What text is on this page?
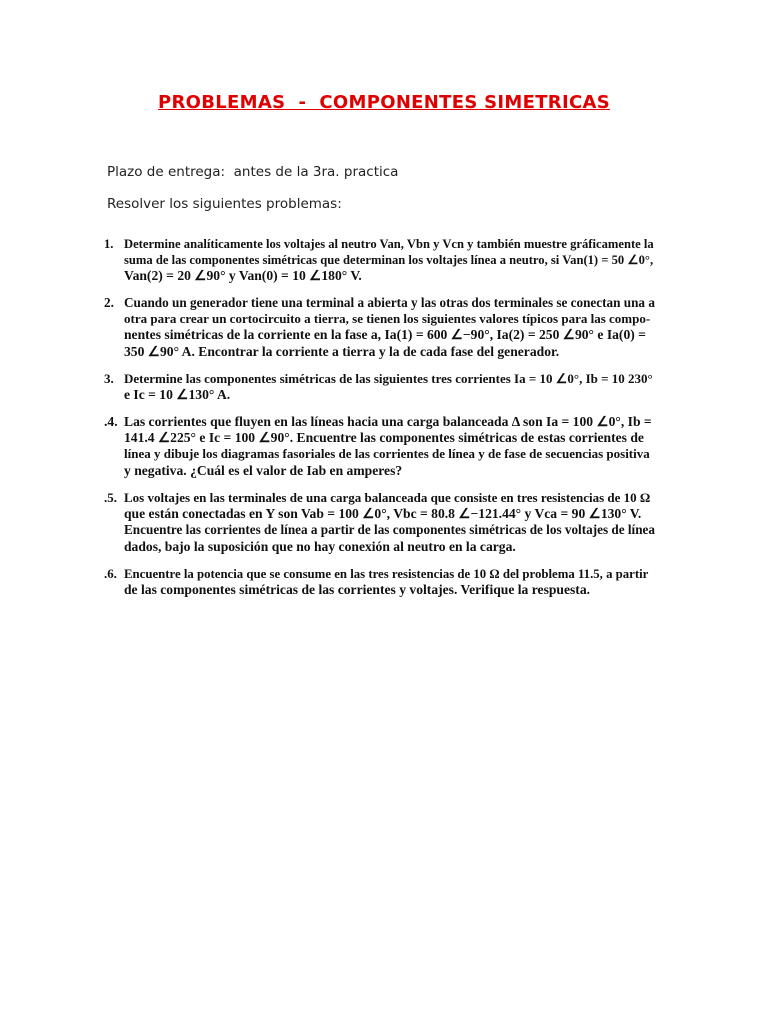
PROBLEMAS  -  COMPONENTES SIMETRICAS
Plazo de entrega:  antes de la 3ra. practica
Resolver los siguientes problemas:
1. Determine analíticamente los voltajes al neutro Van, Vbn y Vcn y también muestre gráficamente la
suma de las componentes simétricas que determinan los voltajes línea a neutro, si Van(1) = 50 ∠0°,
Van(2) = 20 ∠90° y Van(0) = 10 ∠180° V.
2. Cuando un generador tiene una terminal a abierta y las otras dos terminales se conectan una a
otra para crear un cortocircuito a tierra, se tienen los siguientes valores típicos para las compo-
nentes simétricas de la corriente en la fase a, Ia(1) = 600 ∠−90°, Ia(2) = 250 ∠90° e Ia(0) =
350 ∠90° A. Encontrar la corriente a tierra y la de cada fase del generador.
3. Determine las componentes simétricas de las siguientes tres corrientes Ia = 10 ∠0°, Ib = 10 230°
e Ic = 10 ∠130° A.
.4. Las corrientes que fluyen en las líneas hacia una carga balanceada Δ son Ia = 100 ∠0°, Ib =
141.4 ∠225° e Ic = 100 ∠90°. Encuentre las componentes simétricas de estas corrientes de
línea y dibuje los diagramas fasoriales de las corrientes de línea y de fase de secuencias positiva
y negativa. ¿Cuál es el valor de Iab en amperes?
.5. Los voltajes en las terminales de una carga balanceada que consiste en tres resistencias de 10 Ω
que están conectadas en Y son Vab = 100 ∠0°, Vbc = 80.8 ∠−121.44° y Vca = 90 ∠130° V.
Encuentre las corrientes de línea a partir de las componentes simétricas de los voltajes de línea
dados, bajo la suposición que no hay conexión al neutro en la carga.
.6. Encuentre la potencia que se consume en las tres resistencias de 10 Ω del problema 11.5, a partir
de las componentes simétricas de las corrientes y voltajes. Verifique la respuesta.
